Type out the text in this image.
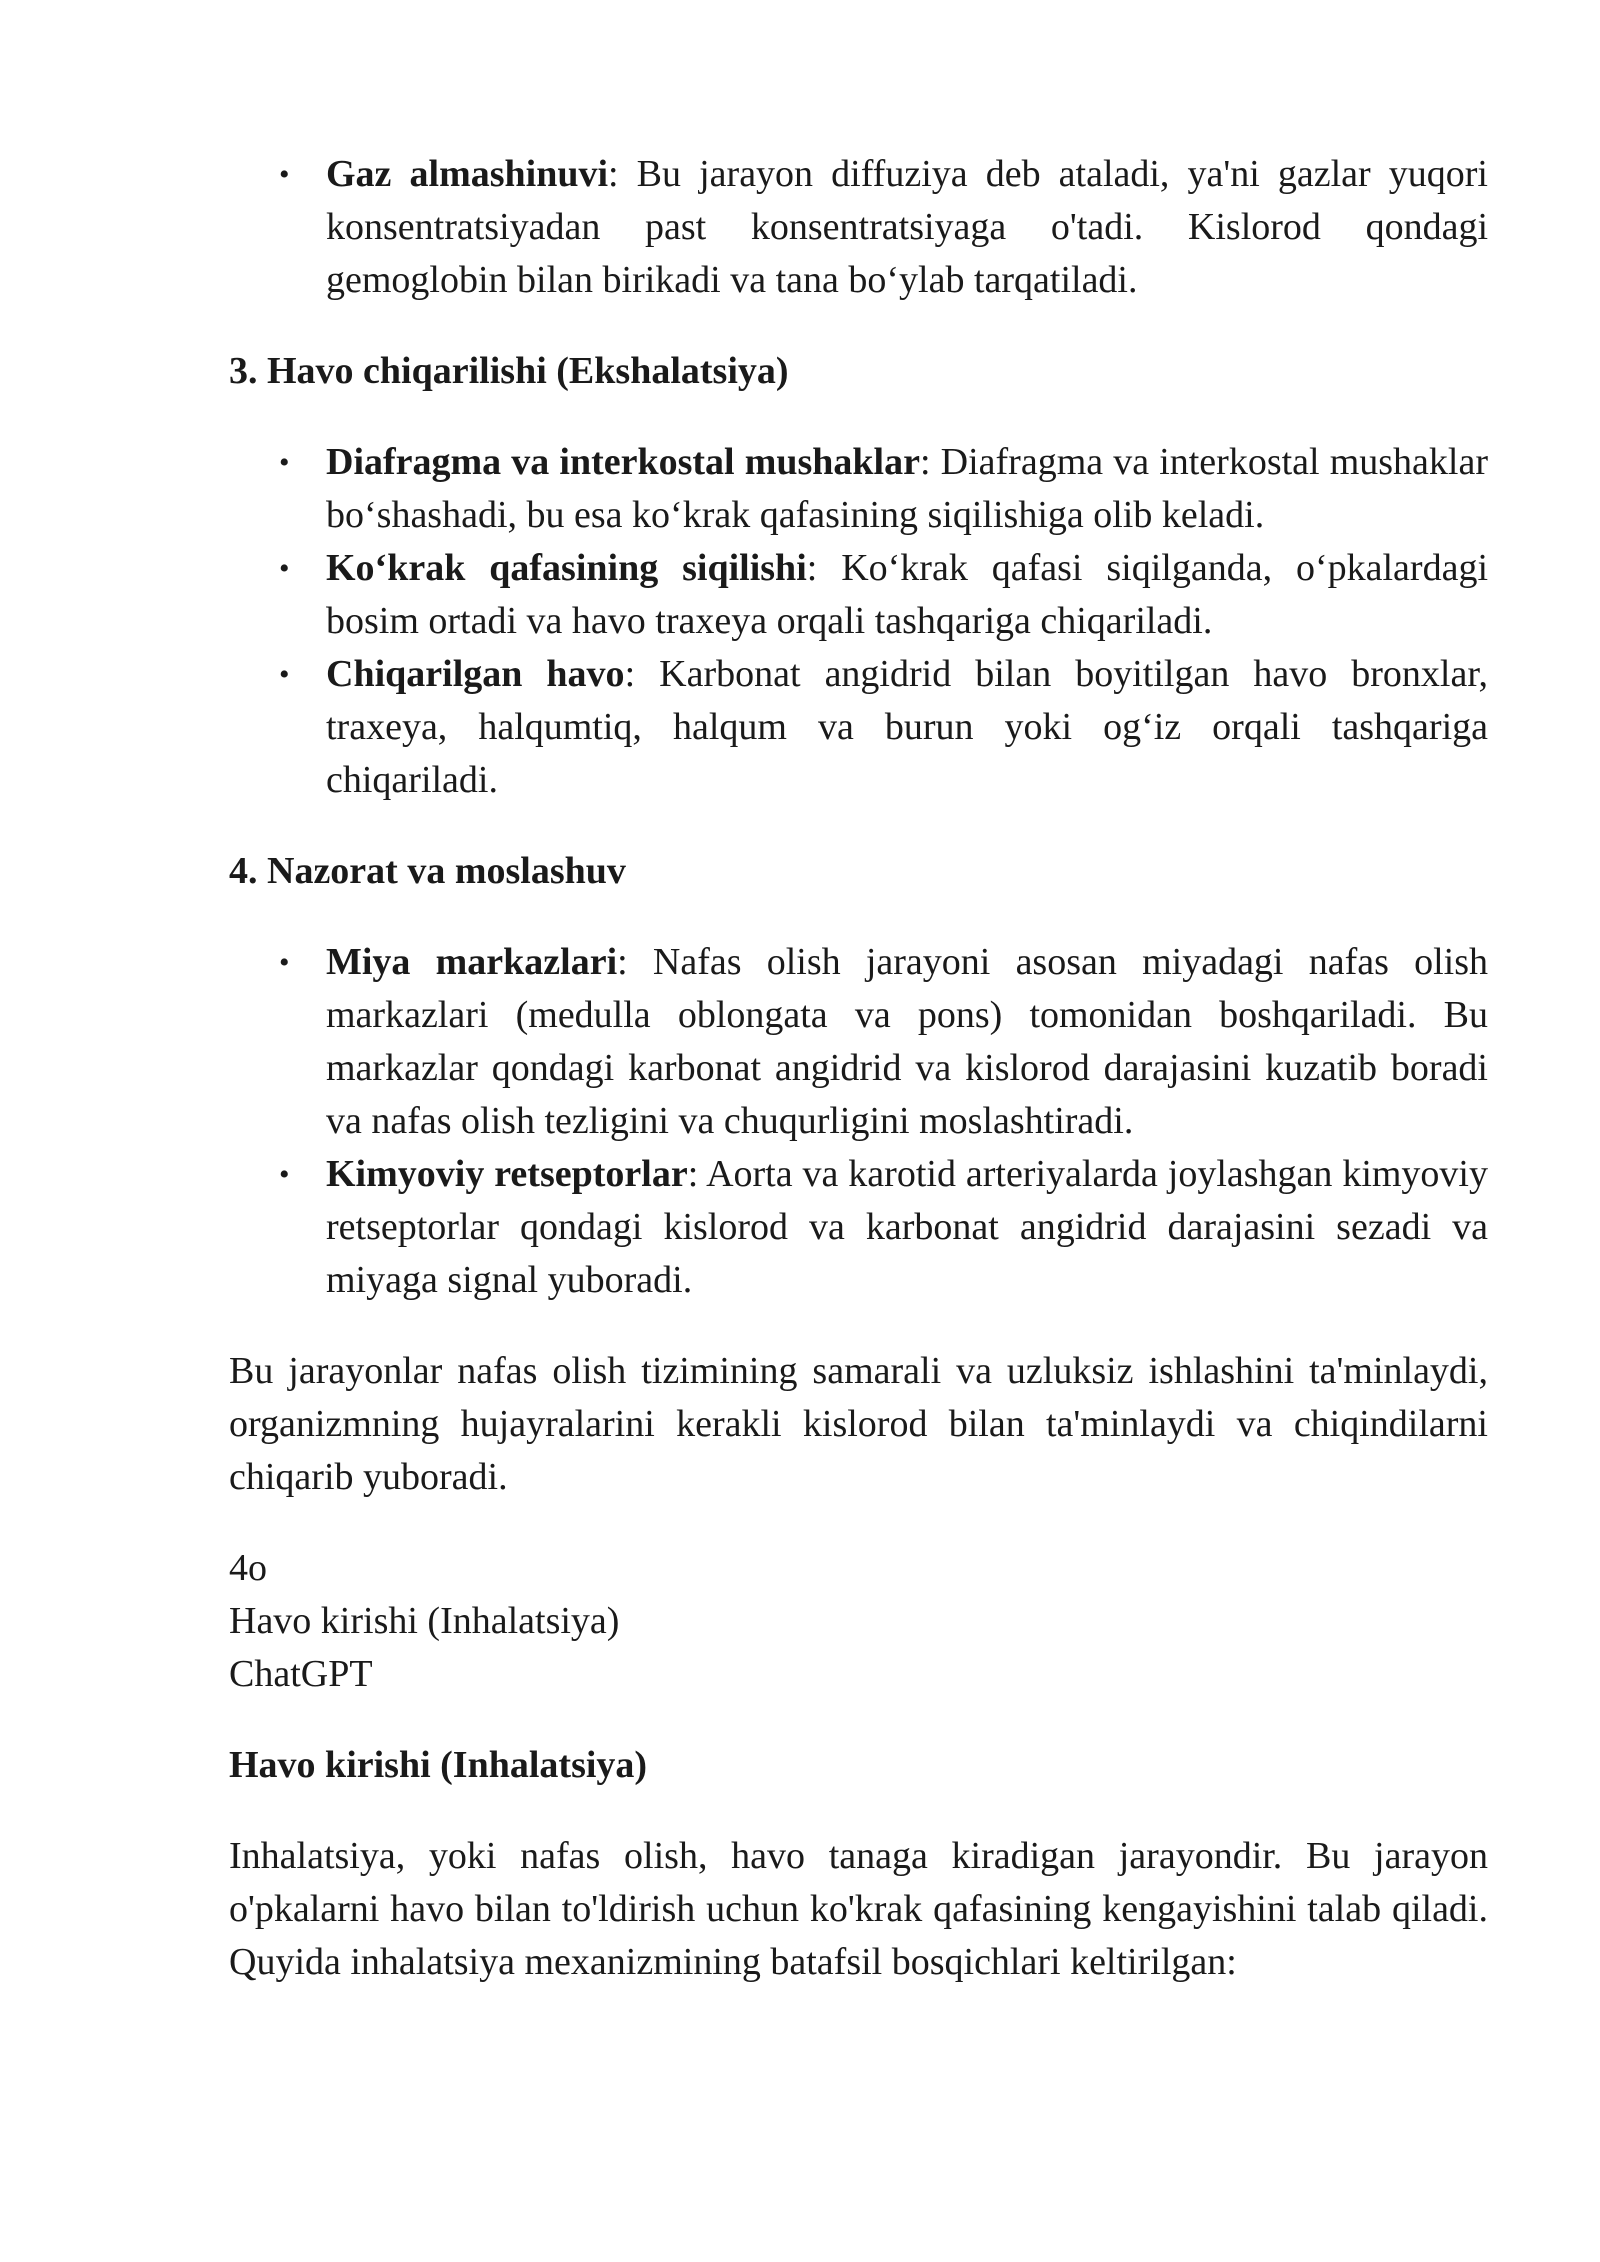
• Gaz almashinuvi: Bu jarayon diffuziya deb ataladi, ya'ni gazlar yuqori konsentratsiyadan past konsentratsiyaga o'tadi. Kislorod qondagi gemoglobin bilan birikadi va tana bo‘ylab tarqatiladi.
3. Havo chiqarilishi (Ekshalatsiya)
• Diafragma va interkostal mushaklar: Diafragma va interkostal mushaklar bo‘shashadi, bu esa ko‘krak qafasining siqilishiga olib keladi.
• Ko‘krak qafasining siqilishi: Ko‘krak qafasi siqilganda, o‘pkalardagi bosim ortadi va havo traxeya orqali tashqariga chiqariladi.
• Chiqarilgan havo: Karbonat angidrid bilan boyitilgan havo bronxlar, traxeya, halqumtiq, halqum va burun yoki og‘iz orqali tashqariga chiqariladi.
4. Nazorat va moslashuv
• Miya markazlari: Nafas olish jarayoni asosan miyadagi nafas olish markazlari (medulla oblongata va pons) tomonidan boshqariladi. Bu markazlar qondagi karbonat angidrid va kislorod darajasini kuzatib boradi va nafas olish tezligini va chuqurligini moslashtiradi.
• Kimyoviy retseptorlar: Aorta va karotid arteriyalarda joylashgan kimyoviy retseptorlar qondagi kislorod va karbonat angidrid darajasini sezadi va miyaga signal yuboradi.

Bu jarayonlar nafas olish tizimining samarali va uzluksiz ishlashini ta'minlaydi, organizmning hujayralarini kerakli kislorod bilan ta'minlaydi va chiqindilarni chiqarib yuboradi.

4o

Havo kirishi (Inhalatsiya)

ChatGPT

Havo kirishi (Inhalatsiya)

Inhalatsiya, yoki nafas olish, havo tanaga kiradigan jarayondir. Bu jarayon o'pkalarni havo bilan to'ldirish uchun ko'krak qafasining kengayishini talab qiladi. Quyida inhalatsiya mexanizmining batafsil bosqichlari keltirilgan:
